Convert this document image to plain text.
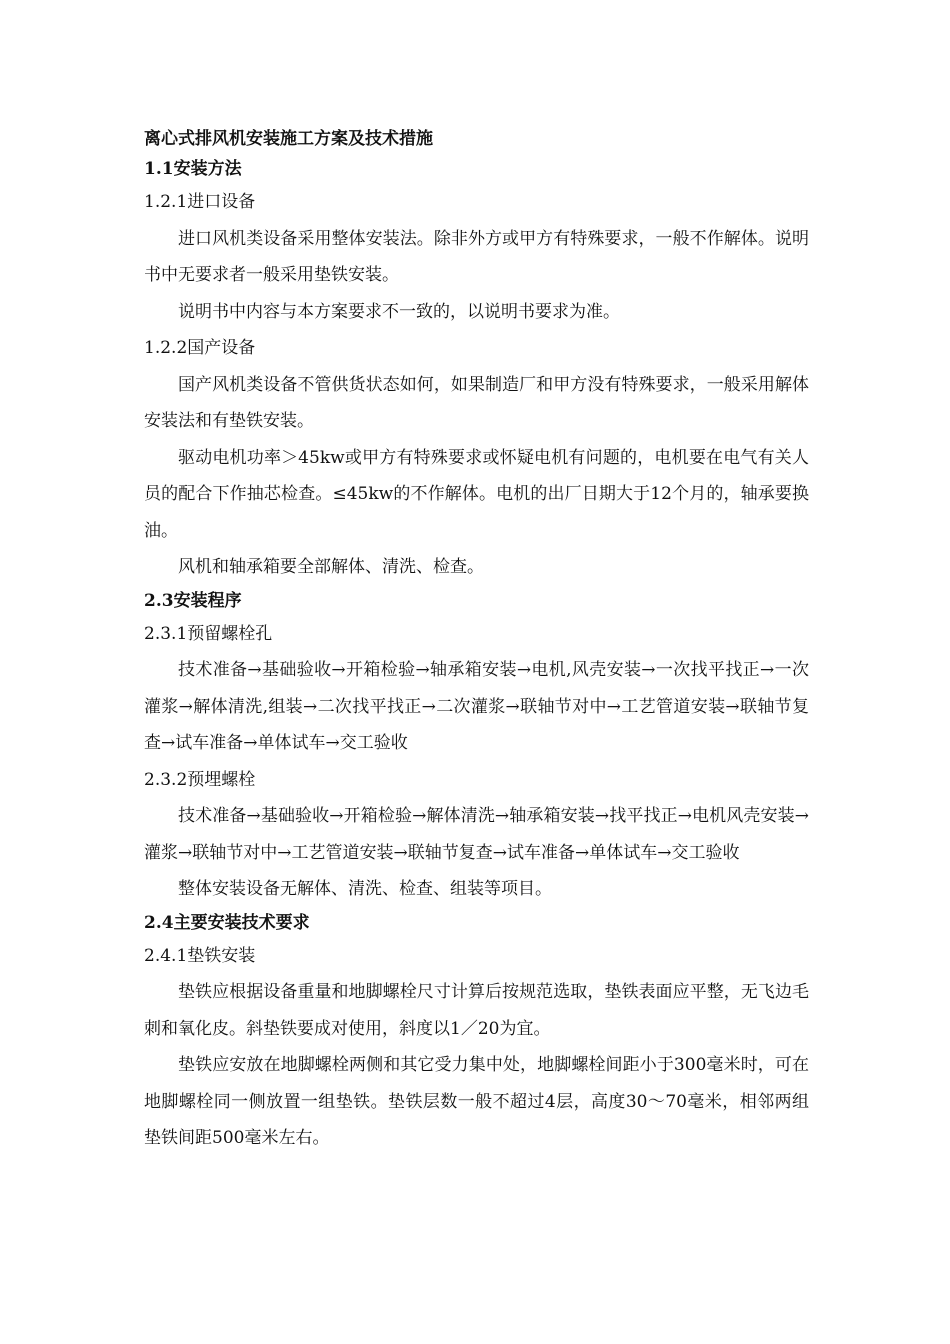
离心式排风机安装施工方案及技术措施
1.1安装方法
1.2.1进口设备

进口风机类设备采用整体安装法。除非外方或甲方有特殊要求，一般不作解体。说明书中无要求者一般采用垫铁安装。

说明书中内容与本方案要求不一致的，以说明书要求为准。

1.2.2国产设备

国产风机类设备不管供货状态如何，如果制造厂和甲方没有特殊要求，一般采用解体安装法和有垫铁安装。

驱动电机功率＞45kw或甲方有特殊要求或怀疑电机有问题的，电机要在电气有关人员的配合下作抽芯检查。≤45kw的不作解体。电机的出厂日期大于12个月的，轴承要换油。

风机和轴承箱要全部解体、清洗、检查。

2.3安装程序
2.3.1预留螺栓孔

技术准备→基础验收→开箱检验→轴承箱安装→电机,风壳安装→一次找平找正→一次灌浆→解体清洗,组装→二次找平找正→二次灌浆→联轴节对中→工艺管道安装→联轴节复查→试车准备→单体试车→交工验收

2.3.2预埋螺栓

技术准备→基础验收→开箱检验→解体清洗→轴承箱安装→找平找正→电机风壳安装→灌浆→联轴节对中→工艺管道安装→联轴节复查→试车准备→单体试车→交工验收

整体安装设备无解体、清洗、检查、组装等项目。

2.4主要安装技术要求
2.4.1垫铁安装

垫铁应根据设备重量和地脚螺栓尺寸计算后按规范选取，垫铁表面应平整，无飞边毛刺和氧化皮。斜垫铁要成对使用，斜度以1／20为宜。

垫铁应安放在地脚螺栓两侧和其它受力集中处，地脚螺栓间距小于300毫米时，可在地脚螺栓同一侧放置一组垫铁。垫铁层数一般不超过4层，高度30～70毫米，相邻两组垫铁间距500毫米左右。
